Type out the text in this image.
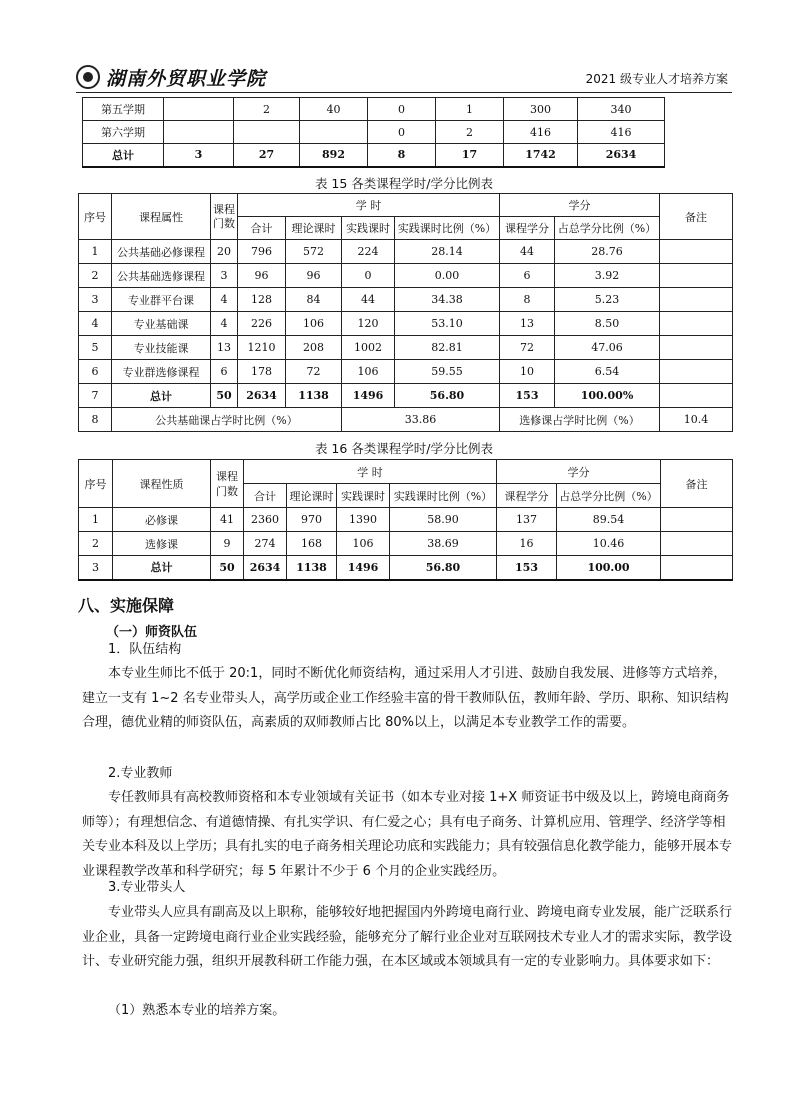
湖南外贸职业学院	2021 级专业人才培养方案
第五学期		2	40	0	1	300	340
第六学期				0	2	416	416
总计	3	27	892	8	17	1742	2634
表 15 各类课程学时/学分比例表
序号	课程属性	课程门数	学 时				学分		备注
			合计	理论课时	实践课时	实践课时比例（%）	课程学分	占总学分比例（%）	
1	公共基础必修课程	20	796	572	224	28.14	44	28.76	
2	公共基础选修课程	3	96	96	0	0.00	6	3.92	
3	专业群平台课	4	128	84	44	34.38	8	5.23	
4	专业基础课	4	226	106	120	53.10	13	8.50	
5	专业技能课	13	1210	208	1002	82.81	72	47.06	
6	专业群选修课程	6	178	72	106	59.55	10	6.54	
7	总计	50	2634	1138	1496	56.80	153	100.00%	
8	公共基础课占学时比例（%）				33.86		选修课占学时比例（%）		10.4
表 16 各类课程学时/学分比例表
序号	课程性质	课程门数	学 时				学分		备注
			合计	理论课时	实践课时	实践课时比例（%）	课程学分	占总学分比例（%）	
1	必修课	41	2360	970	1390	58.90	137	89.54	
2	选修课	9	274	168	106	38.69	16	10.46	
3	总计	50	2634	1138	1496	56.80	153	100.00	
八、实施保障
（一）师资队伍
1．队伍结构
本专业生师比不低于 20:1，同时不断优化师资结构，通过采用人才引进、鼓励自我发展、进修等方式培养，建立一支有 1~2 名专业带头人，高学历或企业工作经验丰富的骨干教师队伍，教师年龄、学历、职称、知识结构合理，德优业精的师资队伍，高素质的双师教师占比 80%以上，以满足本专业教学工作的需要。
2.专业教师
专任教师具有高校教师资格和本专业领域有关证书（如本专业对接 1+X 师资证书中级及以上，跨境电商商务师等）；有理想信念、有道德情操、有扎实学识、有仁爱之心；具有电子商务、计算机应用、管理学、经济学等相关专业本科及以上学历；具有扎实的电子商务相关理论功底和实践能力；具有较强信息化教学能力，能够开展本专业课程教学改革和科学研究；每 5 年累计不少于 6 个月的企业实践经历。
3.专业带头人
专业带头人应具有副高及以上职称，能够较好地把握国内外跨境电商行业、跨境电商专业发展，能广泛联系行业企业，具备一定跨境电商行业企业实践经验，能够充分了解行业企业对互联网技术专业人才的需求实际，教学设计、专业研究能力强，组织开展教科研工作能力强，在本区域或本领域具有一定的专业影响力。具体要求如下：
（1）熟悉本专业的培养方案。
